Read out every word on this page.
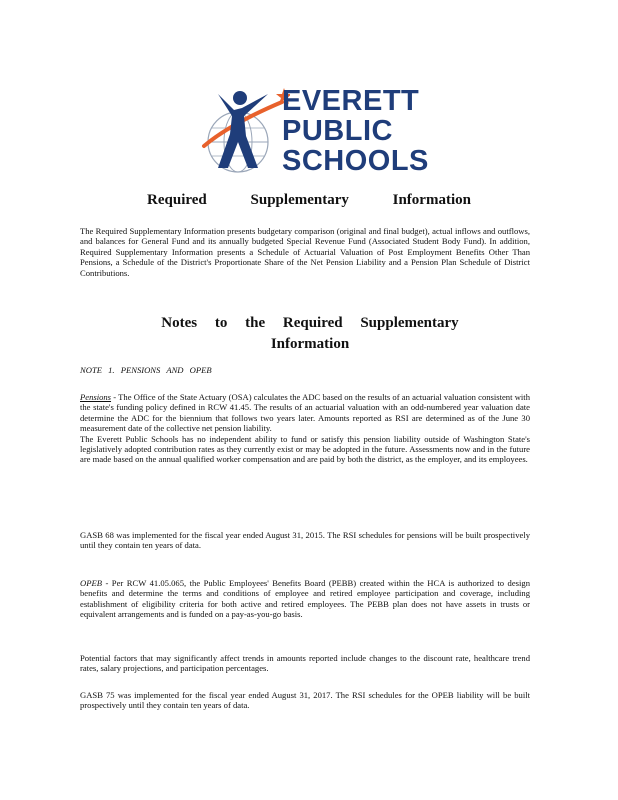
EVERETT
PUBLIC
SCHOOLS
Required Supplementary Information
The Required Supplementary Information presents budgetary comparison (original and final budget), actual inflows and outflows, and balances for General Fund and its annually budgeted Special Revenue Fund (Associated Student Body Fund). In addition, Required Supplementary Information presents a Schedule of Actuarial Valuation of Post Employment Benefits Other Than Pensions, a Schedule of the District's Proportionate Share of the Net Pension Liability and a Pension Plan Schedule of District Contributions.
Notes to the Required Supplementary
Information
NOTE 1. PENSIONS AND OPEB

Pensions - The Office of the State Actuary (OSA) calculates the ADC based on the results of an actuarial valuation consistent with the state's funding policy defined in RCW 41.45. The results of an actuarial valuation with an odd-numbered year valuation date determine the ADC for the biennium that follows two years later. Amounts reported as RSI are determined as of the June 30 measurement date of the collective net pension liability.

The Everett Public Schools has no independent ability to fund or satisfy this pension liability outside of Washington State's legislatively adopted contribution rates as they currently exist or may be adopted in the future. Assessments now and in the future are made based on the annual qualified worker compensation and are paid by both the district, as the employer, and its employees.

GASB 68 was implemented for the fiscal year ended August 31, 2015. The RSI schedules for pensions will be built prospectively until they contain ten years of data.

OPEB - Per RCW 41.05.065, the Public Employees' Benefits Board (PEBB) created within the HCA is authorized to design benefits and determine the terms and conditions of employee and retired employee participation and coverage, including establishment of eligibility criteria for both active and retired employees. The PEBB plan does not have assets in trusts or equivalent arrangements and is funded on a pay-as-you-go basis.

Potential factors that may significantly affect trends in amounts reported include changes to the discount rate, healthcare trend rates, salary projections, and participation percentages.
GASB 75 was implemented for the fiscal year ended August 31, 2017. The RSI schedules for the OPEB liability will be built prospectively until they contain ten years of data.
